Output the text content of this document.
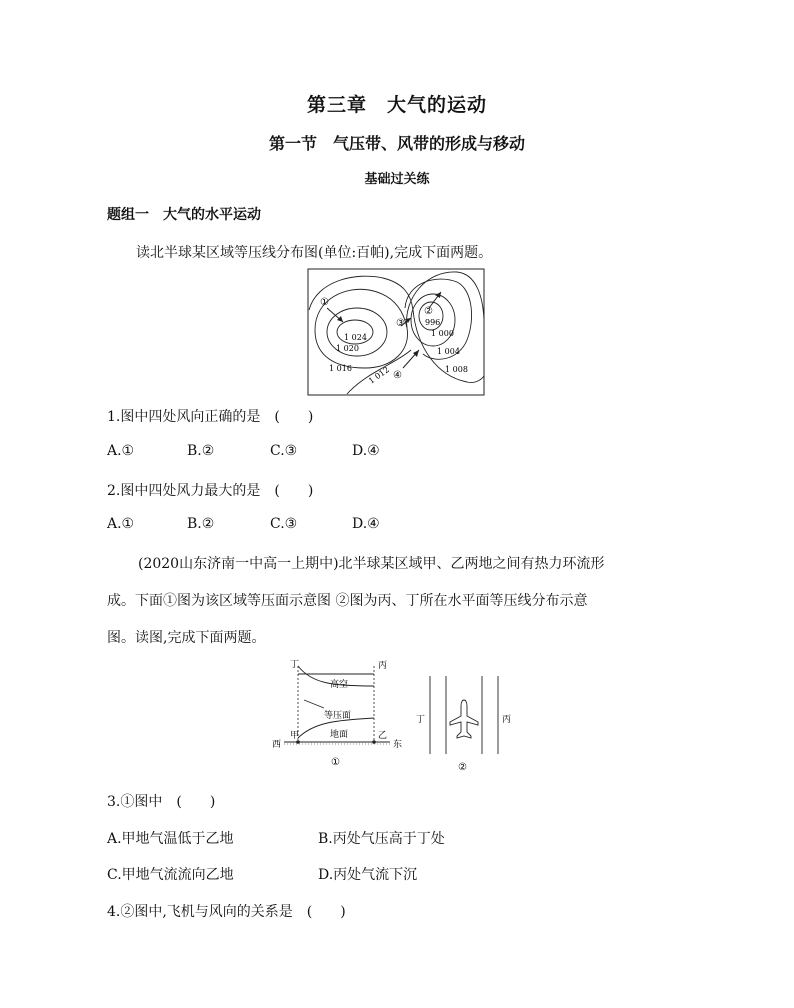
第三章　大气的运动
第一节　气压带、风带的形成与移动
基础过关练
题组一　大气的水平运动
读北半球某区域等压线分布图(单位:百帕),完成下面两题。
①
②
③
④
1 024
1 020
1 016 1 012
996
1 000
1 004
1 008
1.图中四处风向正确的是　(　　)
A.①	B.②	C.③	D.④
2.图中四处风力最大的是　(　　)
A.①	B.②	C.③	D.④
(2020山东济南一中高一上期中)北半球某区域甲、乙两地之间有热力环流形
成。下面①图为该区域等压面示意图 ②图为丙、丁所在水平面等压线分布示意
图。读图,完成下面两题。
丁	丙
高空
等压面
地面
甲	乙
西	东
①
丁	丙
②
3.①图中　(　　)
A.甲地气温低于乙地	B.丙处气压高于丁处
C.甲地气流流向乙地	D.丙处气流下沉
4.②图中,飞机与风向的关系是　(　　)
